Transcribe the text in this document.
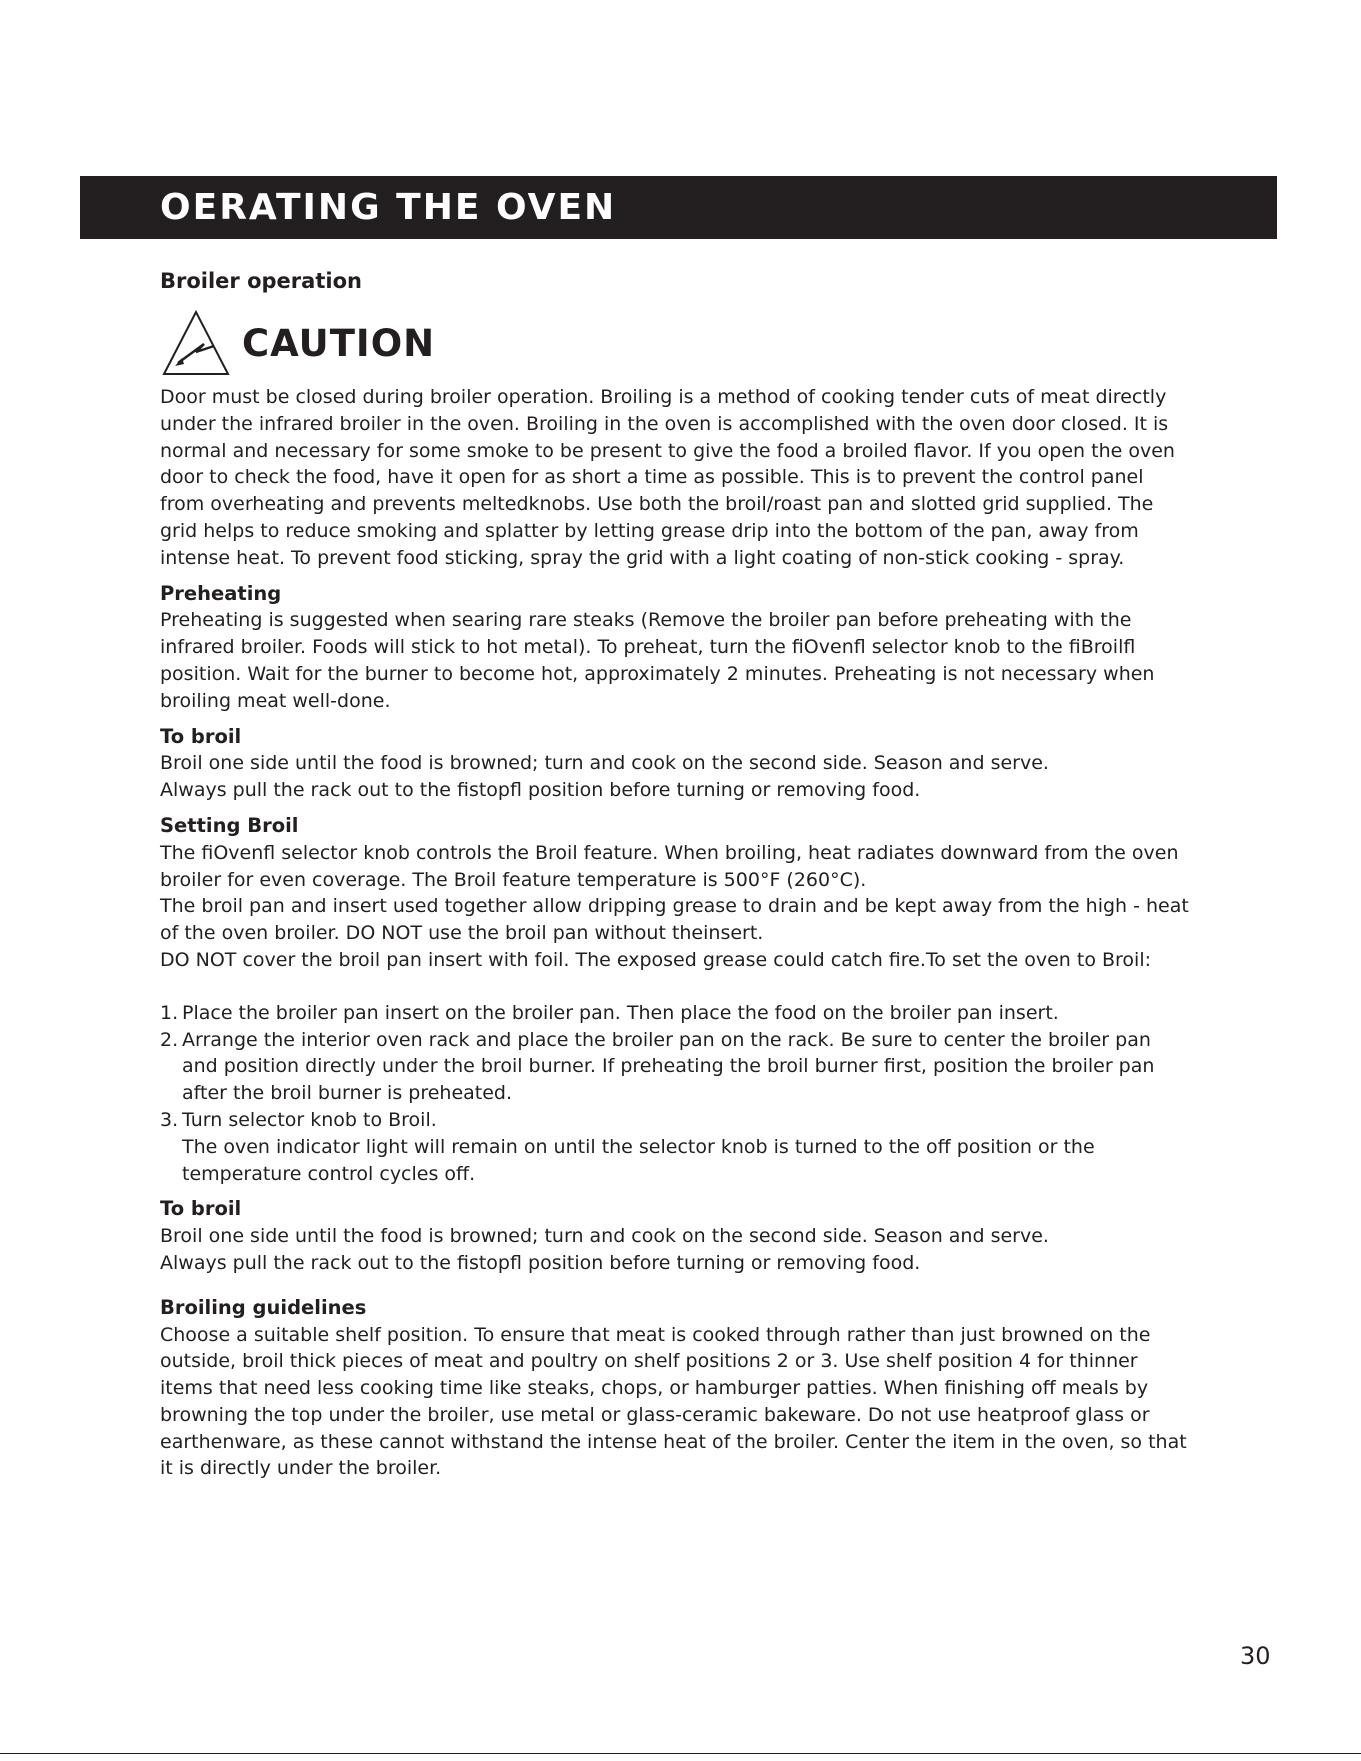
OERATING THE OVEN
Broiler operation
CAUTION

Door must be closed during broiler operation. Broiling is a method of cooking tender cuts of meat directly under the infrared broiler in the oven. Broiling in the oven is accomplished with the oven door closed. It is normal and necessary for some smoke to be present to give the food a broiled flavor. If you open the oven door to check the food, have it open for as short a time as possible. This is to prevent the control panel from overheating and prevents meltedknobs. Use both the broil/roast pan and slotted grid supplied. The grid helps to reduce smoking and splatter by letting grease drip into the bottom of the pan, away from intense heat. To prevent food sticking, spray the grid with a light coating of non-stick cooking - spray.

Preheating

Preheating is suggested when searing rare steaks (Remove the broiler pan before preheating with the infrared broiler. Foods will stick to hot metal). To preheat, turn the fiOvenfl selector knob to the fiBroilfl position. Wait for the burner to become hot, approximately 2 minutes. Preheating is not necessary when broiling meat well-done.

To broil

Broil one side until the food is browned; turn and cook on the second side. Season and serve.

Always pull the rack out to the fistopfl position before turning or removing food.

Setting Broil

The fiOvenfl selector knob controls the Broil feature. When broiling, heat radiates downward from the oven broiler for even coverage. The Broil feature temperature is 500°F (260°C).

The broil pan and insert used together allow dripping grease to drain and be kept away from the high - heat of the oven broiler. DO NOT use the broil pan without theinsert.

DO NOT cover the broil pan insert with foil. The exposed grease could catch fire.To set the oven to Broil:

1. Place the broiler pan insert on the broiler pan. Then place the food on the broiler pan insert.
2. Arrange the interior oven rack and place the broiler pan on the rack. Be sure to center the broiler pan and position directly under the broil burner. If preheating the broil burner first, position the broiler pan after the broil burner is preheated.
3. Turn selector knob to Broil.
The oven indicator light will remain on until the selector knob is turned to the off position or the temperature control cycles off.

To broil

Broil one side until the food is browned; turn and cook on the second side. Season and serve.

Always pull the rack out to the fistopfl position before turning or removing food.

Broiling guidelines

Choose a suitable shelf position. To ensure that meat is cooked through rather than just browned on the outside, broil thick pieces of meat and poultry on shelf positions 2 or 3. Use shelf position 4 for thinner items that need less cooking time like steaks, chops, or hamburger patties. When finishing off meals by browning the top under the broiler, use metal or glass-ceramic bakeware. Do not use heatproof glass or earthenware, as these cannot withstand the intense heat of the broiler. Center the item in the oven, so that it is directly under the broiler.

30
